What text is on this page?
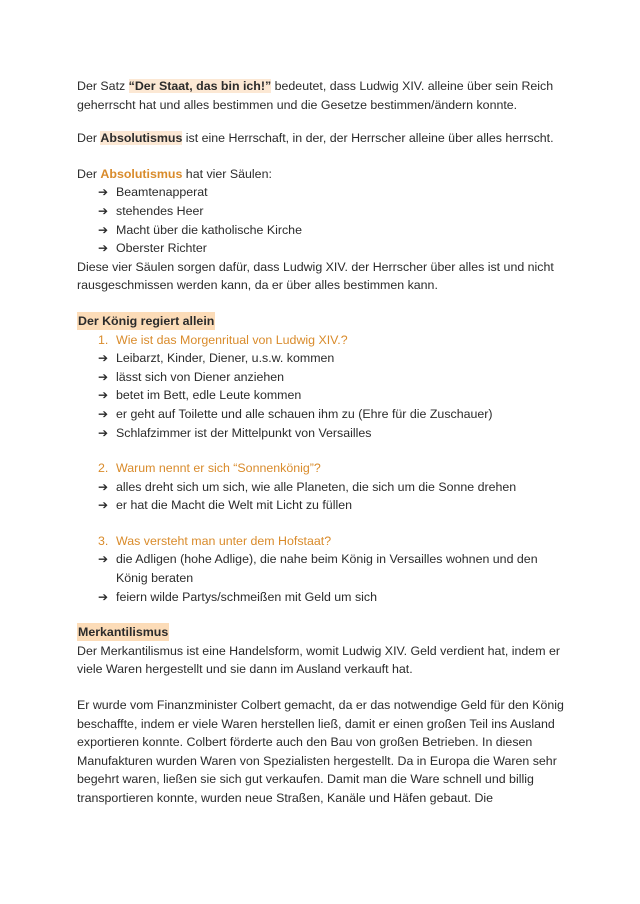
Der Satz “Der Staat, das bin ich!” bedeutet, dass Ludwig XIV. alleine über sein Reich geherrscht hat und alles bestimmen und die Gesetze bestimmen/ändern konnte.

Der Absolutismus ist eine Herrschaft, in der, der Herrscher alleine über alles herrscht.

Der Absolutismus hat vier Säulen:

➔ Beamtenapperat
➔ stehendes Heer
➔ Macht über die katholische Kirche
➔ Oberster Richter

Diese vier Säulen sorgen dafür, dass Ludwig XIV. der Herrscher über alles ist und nicht rausgeschmissen werden kann, da er über alles bestimmen kann.

Der König regiert allein

1. Wie ist das Morgenritual von Ludwig XIV.?

➔ Leibarzt, Kinder, Diener, u.s.w. kommen
➔ lässt sich von Diener anziehen
➔ betet im Bett, edle Leute kommen
➔ er geht auf Toilette und alle schauen ihm zu (Ehre für die Zuschauer)
➔ Schlafzimmer ist der Mittelpunkt von Versailles

2. Warum nennt er sich “Sonnenkönig”?

➔ alles dreht sich um sich, wie alle Planeten, die sich um die Sonne drehen
➔ er hat die Macht die Welt mit Licht zu füllen

3. Was versteht man unter dem Hofstaat?

➔ die Adligen (hohe Adlige), die nahe beim König in Versailles wohnen und den König beraten
➔ feiern wilde Partys/schmeißen mit Geld um sich

Merkantilismus

Der Merkantilismus ist eine Handelsform, womit Ludwig XIV. Geld verdient hat, indem er viele Waren hergestellt und sie dann im Ausland verkauft hat.

Er wurde vom Finanzminister Colbert gemacht, da er das notwendige Geld für den König beschaffte, indem er viele Waren herstellen ließ, damit er einen großen Teil ins Ausland exportieren konnte. Colbert förderte auch den Bau von großen Betrieben. In diesen Manufakturen wurden Waren von Spezialisten hergestellt. Da in Europa die Waren sehr begehrt waren, ließen sie sich gut verkaufen. Damit man die Ware schnell und billig transportieren konnte, wurden neue Straßen, Kanäle und Häfen gebaut. Die
